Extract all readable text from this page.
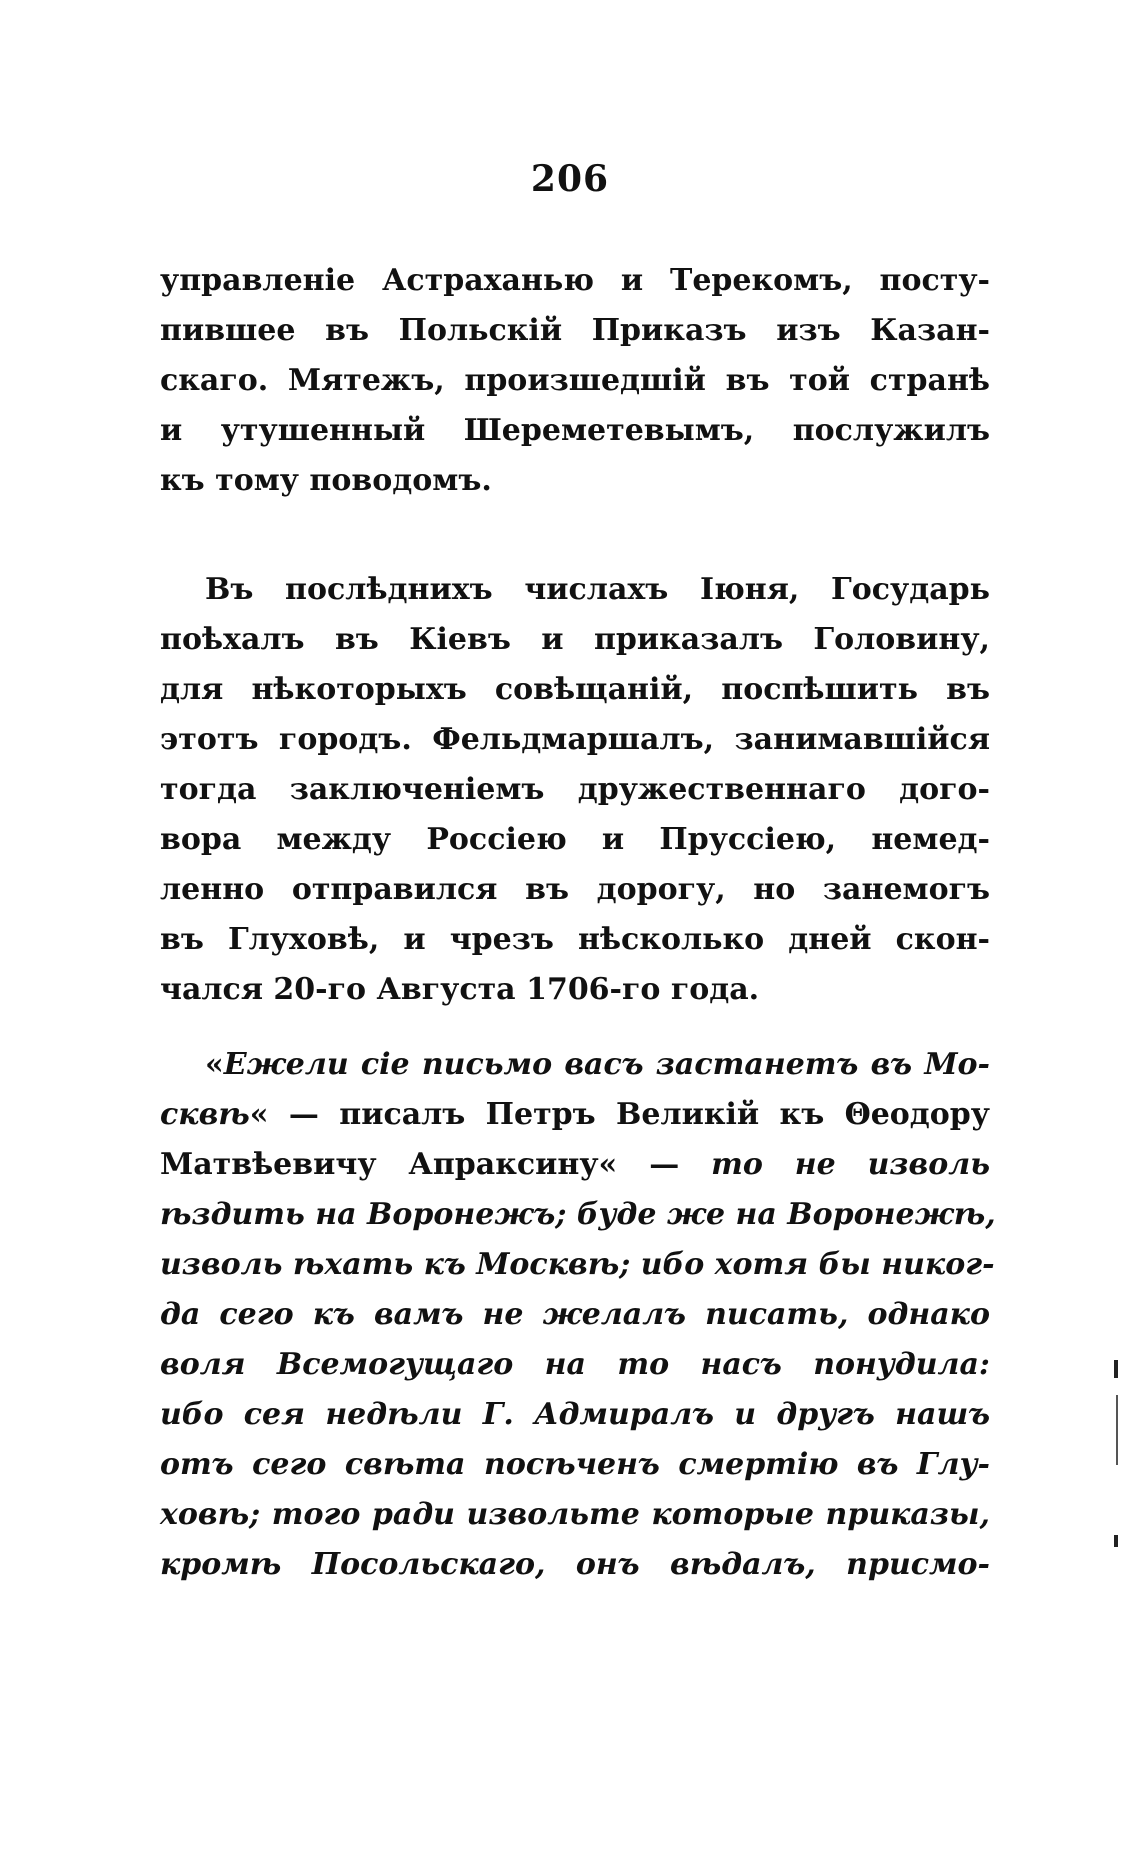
206
управленіе Астраханью и Терекомъ, посту-
пившее въ Польскій Приказъ изъ Казан-
скаго. Мятежъ, произшедшій въ той странѣ
и утушенный Шереметевымъ, послужилъ
къ тому поводомъ.
Въ послѣднихъ числахъ Іюня, Государь
поѣхалъ въ Кіевъ и приказалъ Головину,
для нѣкоторыхъ совѣщаній, поспѣшить въ
этотъ городъ. Фельдмаршалъ, занимавшійся
тогда заключеніемъ дружественнаго дого-
вора между Россіею и Пруссіею, немед-
ленно отправился въ дорогу, но занемогъ
въ Глуховѣ, и чрезъ нѣсколько дней скон-
чался 20-го Августа 1706-го года.
«Ежели сіе письмо васъ застанетъ въ Мо-
сквѣ« — писалъ Петръ Великій къ Θеодору
Матвѣевичу Апраксину« — то не изволь
ѣздить на Воронежъ; буде же на Воронежѣ,
изволь ѣхать къ Москвѣ; ибо хотя бы никог-
да сего къ вамъ не желалъ писать, однако
воля Всемогущаго на то насъ понудила:
ибо сея недѣли Г. Адмиралъ и другъ нашъ
отъ сего свѣта посѣченъ смертію въ Глу-
ховѣ; того ради извольте которые приказы,
кромѣ Посольскаго, онъ вѣдалъ, присмо-
